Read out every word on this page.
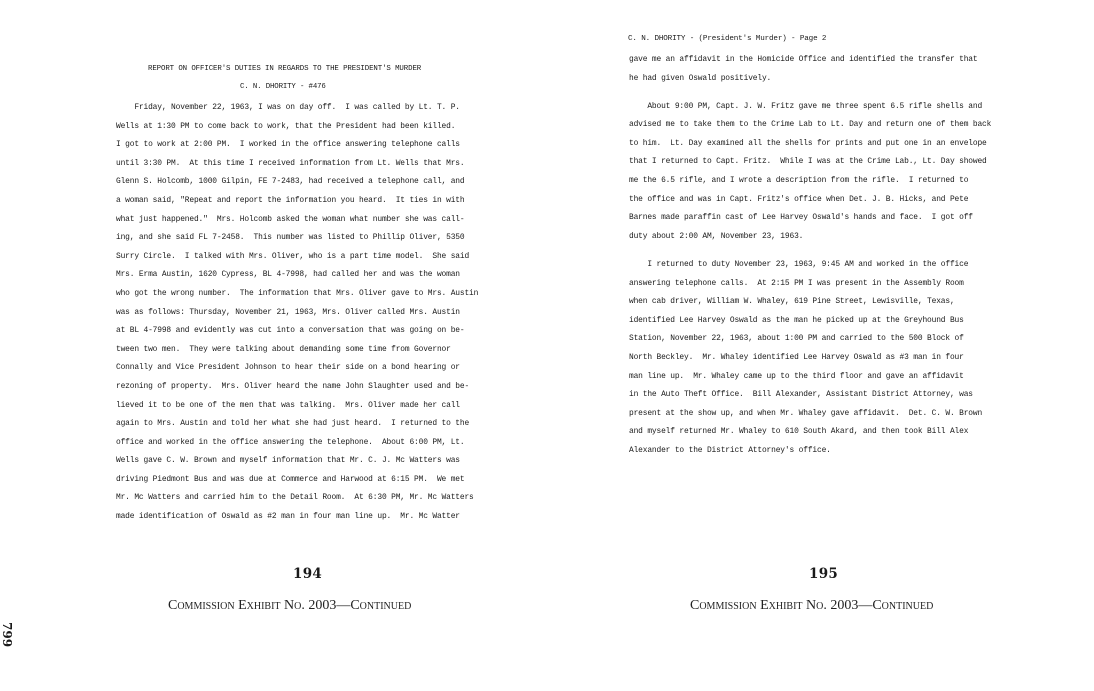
REPORT ON OFFICER'S DUTIES IN REGARDS TO THE PRESIDENT'S MURDER
C. N. DHORITY - #476
Friday, November 22, 1963, I was on day off.  I was called by Lt. T. P.
Wells at 1:30 PM to come back to work, that the President had been killed.
I got to work at 2:00 PM.  I worked in the office answering telephone calls
until 3:30 PM.  At this time I received information from Lt. Wells that Mrs.
Glenn S. Holcomb, 1000 Gilpin, FE 7-2483, had received a telephone call, and
a woman said, "Repeat and report the information you heard.  It ties in with
what just happened."  Mrs. Holcomb asked the woman what number she was call-
ing, and she said FL 7-2458.  This number was listed to Phillip Oliver, 5350
Surry Circle.  I talked with Mrs. Oliver, who is a part time model.  She said
Mrs. Erma Austin, 1620 Cypress, BL 4-7998, had called her and was the woman
who got the wrong number.  The information that Mrs. Oliver gave to Mrs. Austin
was as follows: Thursday, November 21, 1963, Mrs. Oliver called Mrs. Austin
at BL 4-7998 and evidently was cut into a conversation that was going on be-
tween two men.  They were talking about demanding some time from Governor
Connally and Vice President Johnson to hear their side on a bond hearing or
rezoning of property.  Mrs. Oliver heard the name John Slaughter used and be-
lieved it to be one of the men that was talking.  Mrs. Oliver made her call
again to Mrs. Austin and told her what she had just heard.  I returned to the
office and worked in the office answering the telephone.  About 6:00 PM, Lt.
Wells gave C. W. Brown and myself information that Mr. C. J. Mc Watters was
driving Piedmont Bus and was due at Commerce and Harwood at 6:15 PM.  We met
Mr. Mc Watters and carried him to the Detail Room.  At 6:30 PM, Mr. Mc Watters
made identification of Oswald as #2 man in four man line up.  Mr. Mc Watter
194
Commission Exhibit No. 2003—Continued
C. N. DHORITY - (President's Murder) - Page 2

gave me an affidavit in the Homicide Office and identified the transfer that
he had given Oswald positively.

About 9:00 PM, Capt. J. W. Fritz gave me three spent 6.5 rifle shells and
advised me to take them to the Crime Lab to Lt. Day and return one of them back
to him.  Lt. Day examined all the shells for prints and put one in an envelope
that I returned to Capt. Fritz.  While I was at the Crime Lab., Lt. Day showed
me the 6.5 rifle, and I wrote a description from the rifle.  I returned to
the office and was in Capt. Fritz's office when Det. J. B. Hicks, and Pete
Barnes made paraffin cast of Lee Harvey Oswald's hands and face.  I got off
duty about 2:00 AM, November 23, 1963.

I returned to duty November 23, 1963, 9:45 AM and worked in the office
answering telephone calls.  At 2:15 PM I was present in the Assembly Room
when cab driver, William W. Whaley, 619 Pine Street, Lewisville, Texas,
identified Lee Harvey Oswald as the man he picked up at the Greyhound Bus
Station, November 22, 1963, about 1:00 PM and carried to the 500 Block of
North Beckley.  Mr. Whaley identified Lee Harvey Oswald as #3 man in four
man line up.  Mr. Whaley came up to the third floor and gave an affidavit
in the Auto Theft Office.  Bill Alexander, Assistant District Attorney, was
present at the show up, and when Mr. Whaley gave affidavit.  Det. C. W. Brown
and myself returned Mr. Whaley to 610 South Akard, and then took Bill Alex
Alexander to the District Attorney's office.

195
Commission Exhibit No. 2003—Continued
799
